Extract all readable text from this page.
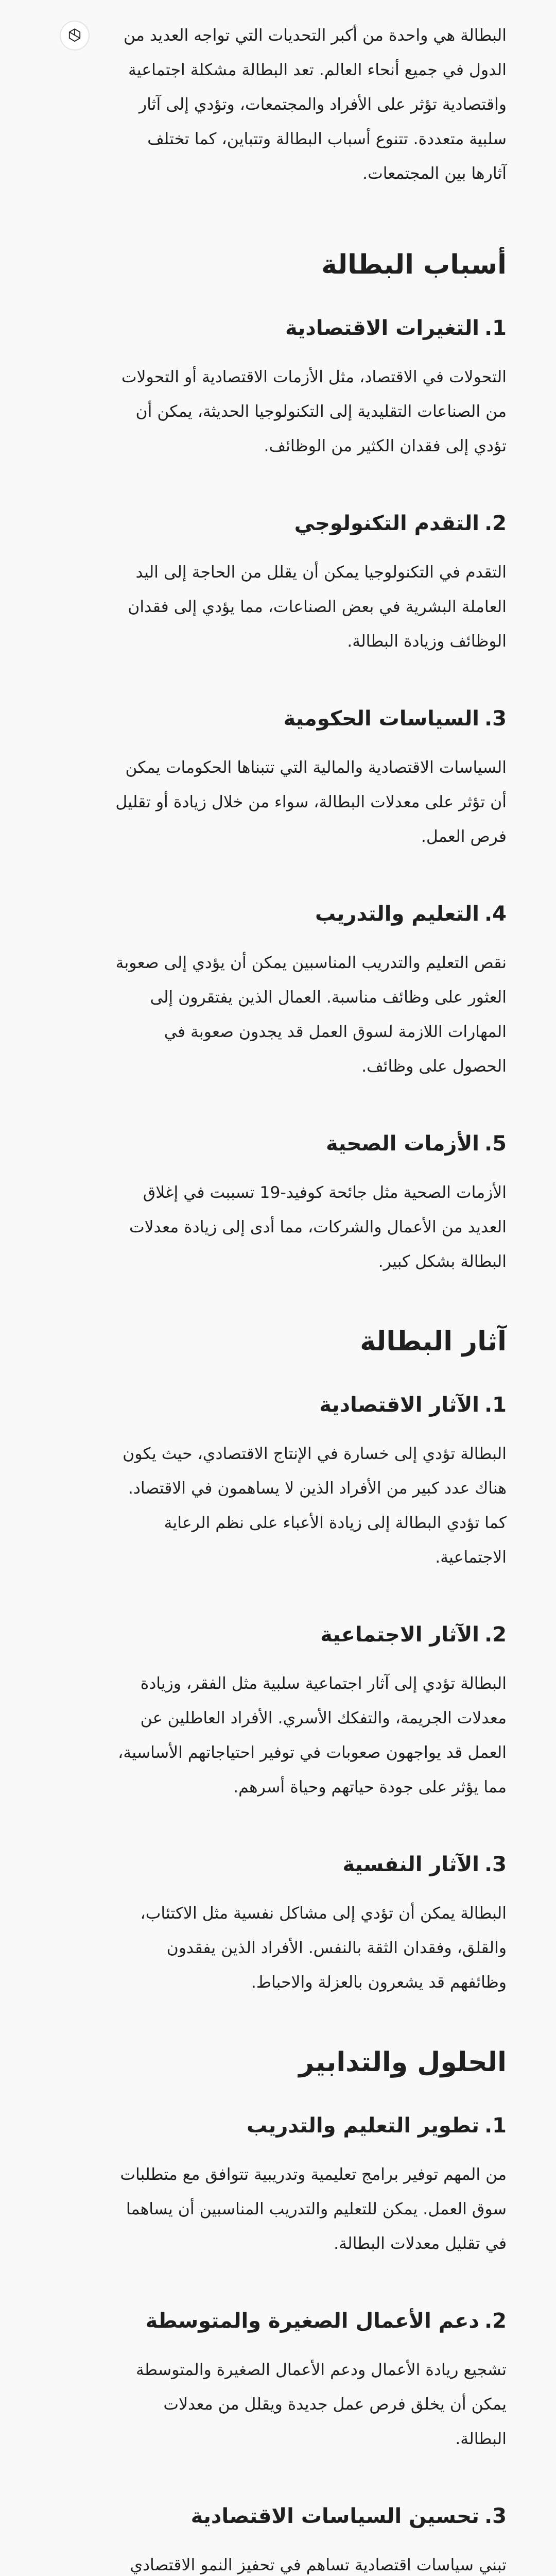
البطالة هي واحدة من أكبر التحديات التي تواجه العديد من الدول في جميع أنحاء العالم. تعد البطالة مشكلة اجتماعية واقتصادية تؤثر على الأفراد والمجتمعات، وتؤدي إلى آثار سلبية متعددة. تتنوع أسباب البطالة وتتباين، كما تختلف آثارها بين المجتمعات.

أسباب البطالة
1.التغيرات الاقتصادية

التحولات في الاقتصاد، مثل الأزمات الاقتصادية أو التحولات من الصناعات التقليدية إلى التكنولوجيا الحديثة، يمكن أن تؤدي إلى فقدان الكثير من الوظائف.

2.التقدم التكنولوجي

التقدم في التكنولوجيا يمكن أن يقلل من الحاجة إلى اليد العاملة البشرية في بعض الصناعات، مما يؤدي إلى فقدان الوظائف وزيادة البطالة.

3.السياسات الحكومية

السياسات الاقتصادية والمالية التي تتبناها الحكومات يمكن أن تؤثر على معدلات البطالة، سواء من خلال زيادة أو تقليل فرص العمل.

4.التعليم والتدريب

نقص التعليم والتدريب المناسبين يمكن أن يؤدي إلى صعوبة العثور على وظائف مناسبة. العمال الذين يفتقرون إلى المهارات اللازمة لسوق العمل قد يجدون صعوبة في الحصول على وظائف.

5.الأزمات الصحية

الأزمات الصحية مثل جائحة كوفيد-19 تسببت في إغلاق العديد من الأعمال والشركات، مما أدى إلى زيادة معدلات البطالة بشكل كبير.

آثار البطالة
1.الآثار الاقتصادية

البطالة تؤدي إلى خسارة في الإنتاج الاقتصادي، حيث يكون هناك عدد كبير من الأفراد الذين لا يساهمون في الاقتصاد. كما تؤدي البطالة إلى زيادة الأعباء على نظم الرعاية الاجتماعية.

2.الآثار الاجتماعية

البطالة تؤدي إلى آثار اجتماعية سلبية مثل الفقر، وزيادة معدلات الجريمة، والتفكك الأسري. الأفراد العاطلين عن العمل قد يواجهون صعوبات في توفير احتياجاتهم الأساسية، مما يؤثر على جودة حياتهم وحياة أسرهم.

3.الآثار النفسية

البطالة يمكن أن تؤدي إلى مشاكل نفسية مثل الاكتئاب، والقلق، وفقدان الثقة بالنفس. الأفراد الذين يفقدون وظائفهم قد يشعرون بالعزلة والاحباط.

الحلول والتدابير
1.تطوير التعليم والتدريب

من المهم توفير برامج تعليمية وتدريبية تتوافق مع متطلبات سوق العمل. يمكن للتعليم والتدريب المناسبين أن يساهما في تقليل معدلات البطالة.

2.دعم الأعمال الصغيرة والمتوسطة

تشجيع ريادة الأعمال ودعم الأعمال الصغيرة والمتوسطة يمكن أن يخلق فرص عمل جديدة ويقلل من معدلات البطالة.

3.تحسين السياسات الاقتصادية

تبني سياسات اقتصادية تساهم في تحفيز النمو الاقتصادي
